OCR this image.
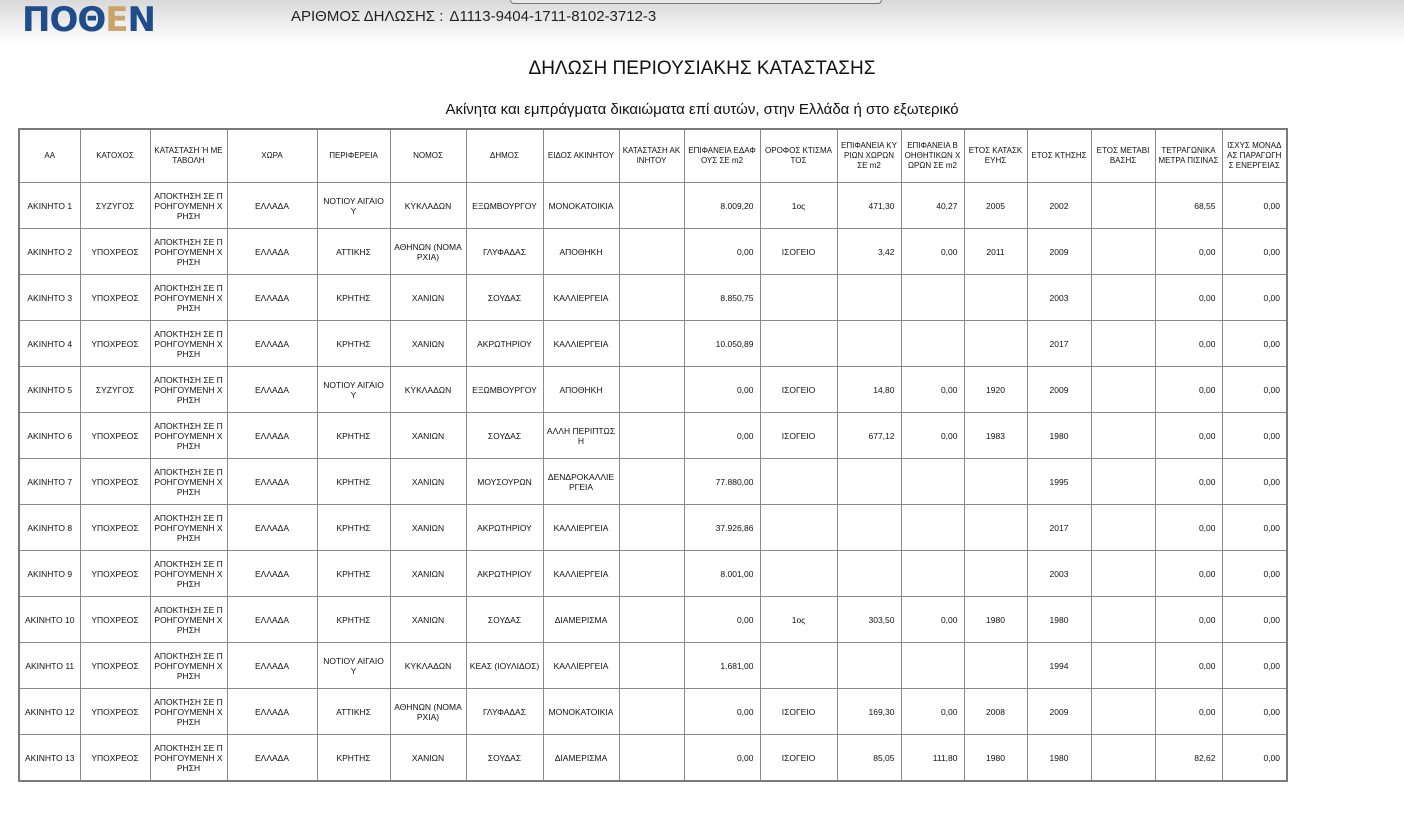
ΠΟΘΕΝ	ΑΡΙΘΜΟΣ ΔΗΛΩΣΗΣ : Δ1113-9404-1711-8102-3712-3
ΔΗΛΩΣΗ ΠΕΡΙΟΥΣΙΑΚΗΣ ΚΑΤΑΣΤΑΣΗΣ
Ακίνητα και εμπράγματα δικαιώματα επί αυτών, στην Ελλάδα ή στο εξωτερικό
ΑΑ	ΚΑΤΟΧΟΣ	ΚΑΤΑΣΤΑΣΗ Ή ΜΕΤΑΒΟΛΗ	ΧΩΡΑ	ΠΕΡΙΦΕΡΕΙΑ	ΝΟΜΟΣ	ΔΗΜΟΣ	ΕΙΔΟΣ ΑΚΙΝΗΤΟΥ	ΚΑΤΑΣΤΑΣΗ ΑΚΙΝΗΤΟΥ	ΕΠΙΦΑΝΕΙΑ ΕΔΑΦΟΥΣ ΣΕ m2	ΟΡΟΦΟΣ ΚΤΙΣΜΑΤΟΣ	ΕΠΙΦΑΝΕΙΑ ΚΥΡΙΩΝ ΧΩΡΩΝ ΣΕ m2	ΕΠΙΦΑΝΕΙΑ ΒΟΗΘΗΤΙΚΩΝ ΧΩΡΩΝ ΣΕ m2	ΕΤΟΣ ΚΑΤΑΣΚΕΥΗΣ	ΕΤΟΣ ΚΤΗΣΗΣ	ΕΤΟΣ ΜΕΤΑΒΙΒΑΣΗΣ	ΤΕΤΡΑΓΩΝΙΚΑ ΜΕΤΡΑ ΠΙΣΙΝΑΣ	ΙΣΧΥΣ ΜΟΝΑΔΑΣ ΠΑΡΑΓΩΓΗΣ ΕΝΕΡΓΕΙΑΣ
ΑΚΙΝΗΤΟ 1	ΣΥΖΥΓΟΣ	ΑΠΟΚΤΗΣΗ ΣΕ ΠΡΟΗΓΟΥΜΕΝΗ ΧΡΗΣΗ	ΕΛΛΑΔΑ	ΝΟΤΙΟΥ ΑΙΓΑΙΟΥ	ΚΥΚΛΑΔΩΝ	ΕΞΩΜΒΟΥΡΓΟΥ	ΜΟΝΟΚΑΤΟΙΚΙΑ		8.009,20	1ος	471,30	40,27	2005	2002		68,55	0,00
ΑΚΙΝΗΤΟ 2	ΥΠΟΧΡΕΟΣ	ΑΠΟΚΤΗΣΗ ΣΕ ΠΡΟΗΓΟΥΜΕΝΗ ΧΡΗΣΗ	ΕΛΛΑΔΑ	ΑΤΤΙΚΗΣ	ΑΘΗΝΩΝ (ΝΟΜΑΡΧΙΑ)	ΓΛΥΦΑΔΑΣ	ΑΠΟΘΗΚΗ		0,00	ΙΣΟΓΕΙΟ	3,42	0,00	2011	2009		0,00	0,00
ΑΚΙΝΗΤΟ 3	ΥΠΟΧΡΕΟΣ	ΑΠΟΚΤΗΣΗ ΣΕ ΠΡΟΗΓΟΥΜΕΝΗ ΧΡΗΣΗ	ΕΛΛΑΔΑ	ΚΡΗΤΗΣ	ΧΑΝΙΩΝ	ΣΟΥΔΑΣ	ΚΑΛΛΙΕΡΓΕΙΑ		8.850,75					2003		0,00	0,00
ΑΚΙΝΗΤΟ 4	ΥΠΟΧΡΕΟΣ	ΑΠΟΚΤΗΣΗ ΣΕ ΠΡΟΗΓΟΥΜΕΝΗ ΧΡΗΣΗ	ΕΛΛΑΔΑ	ΚΡΗΤΗΣ	ΧΑΝΙΩΝ	ΑΚΡΩΤΗΡΙΟΥ	ΚΑΛΛΙΕΡΓΕΙΑ		10.050,89					2017		0,00	0,00
ΑΚΙΝΗΤΟ 5	ΣΥΖΥΓΟΣ	ΑΠΟΚΤΗΣΗ ΣΕ ΠΡΟΗΓΟΥΜΕΝΗ ΧΡΗΣΗ	ΕΛΛΑΔΑ	ΝΟΤΙΟΥ ΑΙΓΑΙΟΥ	ΚΥΚΛΑΔΩΝ	ΕΞΩΜΒΟΥΡΓΟΥ	ΑΠΟΘΗΚΗ		0,00	ΙΣΟΓΕΙΟ	14,80	0,00	1920	2009		0,00	0,00
ΑΚΙΝΗΤΟ 6	ΥΠΟΧΡΕΟΣ	ΑΠΟΚΤΗΣΗ ΣΕ ΠΡΟΗΓΟΥΜΕΝΗ ΧΡΗΣΗ	ΕΛΛΑΔΑ	ΚΡΗΤΗΣ	ΧΑΝΙΩΝ	ΣΟΥΔΑΣ	ΑΛΛΗ ΠΕΡΙΠΤΩΣΗ		0,00	ΙΣΟΓΕΙΟ	677,12	0,00	1983	1980		0,00	0,00
ΑΚΙΝΗΤΟ 7	ΥΠΟΧΡΕΟΣ	ΑΠΟΚΤΗΣΗ ΣΕ ΠΡΟΗΓΟΥΜΕΝΗ ΧΡΗΣΗ	ΕΛΛΑΔΑ	ΚΡΗΤΗΣ	ΧΑΝΙΩΝ	ΜΟΥΣΟΥΡΩΝ	ΔΕΝΔΡΟΚΑΛΛΙΕΡΓΕΙΑ		77.880,00					1995		0,00	0,00
ΑΚΙΝΗΤΟ 8	ΥΠΟΧΡΕΟΣ	ΑΠΟΚΤΗΣΗ ΣΕ ΠΡΟΗΓΟΥΜΕΝΗ ΧΡΗΣΗ	ΕΛΛΑΔΑ	ΚΡΗΤΗΣ	ΧΑΝΙΩΝ	ΑΚΡΩΤΗΡΙΟΥ	ΚΑΛΛΙΕΡΓΕΙΑ		37.926,86					2017		0,00	0,00
ΑΚΙΝΗΤΟ 9	ΥΠΟΧΡΕΟΣ	ΑΠΟΚΤΗΣΗ ΣΕ ΠΡΟΗΓΟΥΜΕΝΗ ΧΡΗΣΗ	ΕΛΛΑΔΑ	ΚΡΗΤΗΣ	ΧΑΝΙΩΝ	ΑΚΡΩΤΗΡΙΟΥ	ΚΑΛΛΙΕΡΓΕΙΑ		8.001,00					2003		0,00	0,00
ΑΚΙΝΗΤΟ 10	ΥΠΟΧΡΕΟΣ	ΑΠΟΚΤΗΣΗ ΣΕ ΠΡΟΗΓΟΥΜΕΝΗ ΧΡΗΣΗ	ΕΛΛΑΔΑ	ΚΡΗΤΗΣ	ΧΑΝΙΩΝ	ΣΟΥΔΑΣ	ΔΙΑΜΕΡΙΣΜΑ		0,00	1ος	303,50	0,00	1980	1980		0,00	0,00
ΑΚΙΝΗΤΟ 11	ΥΠΟΧΡΕΟΣ	ΑΠΟΚΤΗΣΗ ΣΕ ΠΡΟΗΓΟΥΜΕΝΗ ΧΡΗΣΗ	ΕΛΛΑΔΑ	ΝΟΤΙΟΥ ΑΙΓΑΙΟΥ	ΚΥΚΛΑΔΩΝ	ΚΕΑΣ (ΙΟΥΛΙΔΟΣ)	ΚΑΛΛΙΕΡΓΕΙΑ		1.681,00					1994		0,00	0,00
ΑΚΙΝΗΤΟ 12	ΥΠΟΧΡΕΟΣ	ΑΠΟΚΤΗΣΗ ΣΕ ΠΡΟΗΓΟΥΜΕΝΗ ΧΡΗΣΗ	ΕΛΛΑΔΑ	ΑΤΤΙΚΗΣ	ΑΘΗΝΩΝ (ΝΟΜΑΡΧΙΑ)	ΓΛΥΦΑΔΑΣ	ΜΟΝΟΚΑΤΟΙΚΙΑ		0,00	ΙΣΟΓΕΙΟ	169,30	0,00	2008	2009		0,00	0,00
ΑΚΙΝΗΤΟ 13	ΥΠΟΧΡΕΟΣ	ΑΠΟΚΤΗΣΗ ΣΕ ΠΡΟΗΓΟΥΜΕΝΗ ΧΡΗΣΗ	ΕΛΛΑΔΑ	ΚΡΗΤΗΣ	ΧΑΝΙΩΝ	ΣΟΥΔΑΣ	ΔΙΑΜΕΡΙΣΜΑ		0,00	ΙΣΟΓΕΙΟ	85,05	111,80	1980	1980		82,62	0,00
